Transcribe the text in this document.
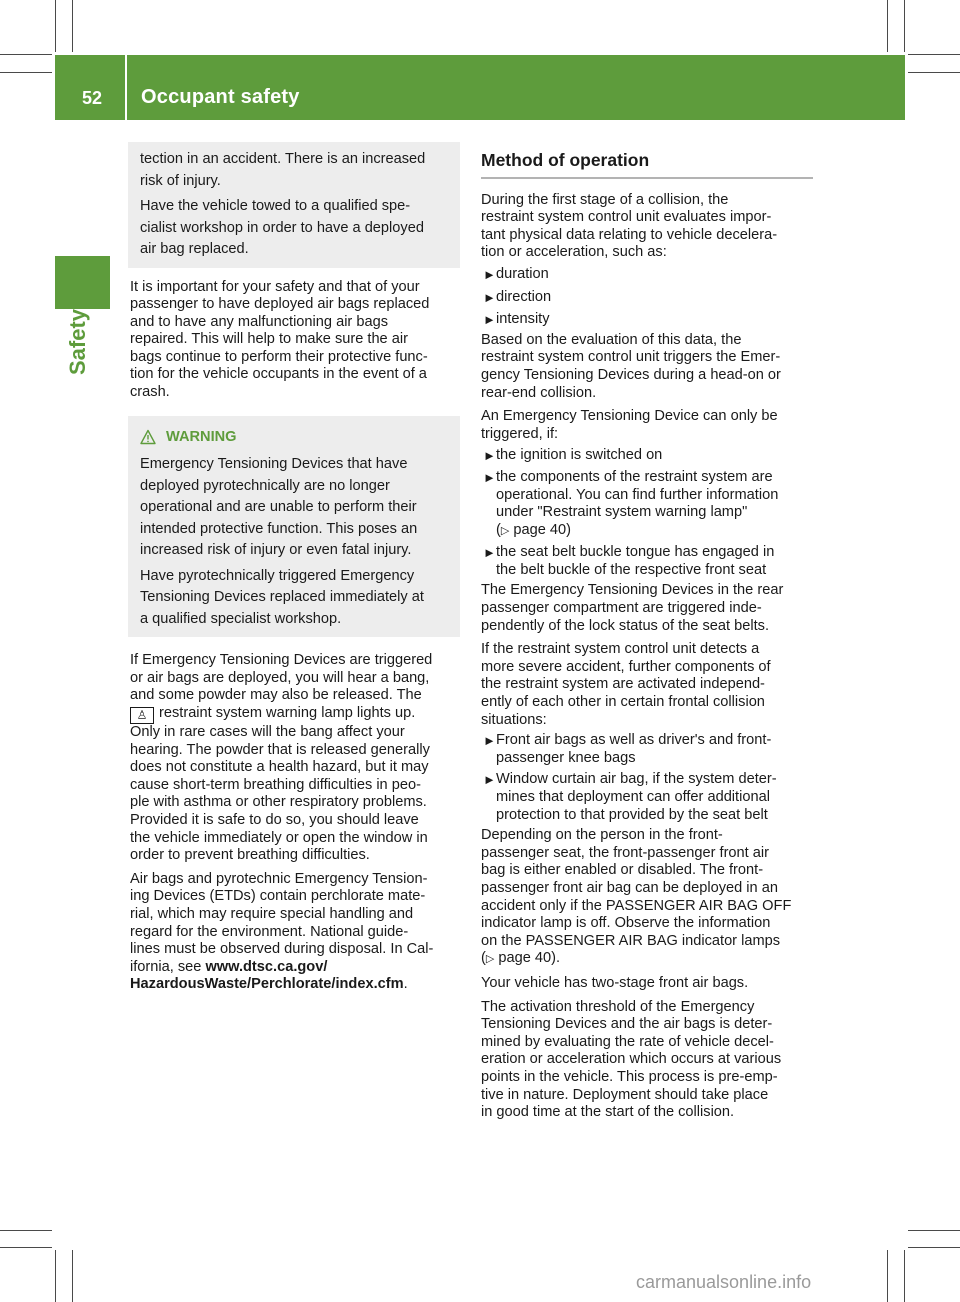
52 Occupant safety
Safety
tection in an accident. There is an increased
risk of injury.
Have the vehicle towed to a qualified spe-
cialist workshop in order to have a deployed
air bag replaced.
It is important for your safety and that of your
passenger to have deployed air bags replaced
and to have any malfunctioning air bags
repaired. This will help to make sure the air
bags continue to perform their protective func-
tion for the vehicle occupants in the event of a
crash.
WARNING
Emergency Tensioning Devices that have
deployed pyrotechnically are no longer
operational and are unable to perform their
intended protective function. This poses an
increased risk of injury or even fatal injury.
Have pyrotechnically triggered Emergency
Tensioning Devices replaced immediately at
a qualified specialist workshop.
If Emergency Tensioning Devices are triggered
or air bags are deployed, you will hear a bang,
and some powder may also be released. The
♙ restraint system warning lamp lights up.
Only in rare cases will the bang affect your
hearing. The powder that is released generally
does not constitute a health hazard, but it may
cause short-term breathing difficulties in peo-
ple with asthma or other respiratory problems.
Provided it is safe to do so, you should leave
the vehicle immediately or open the window in
order to prevent breathing difficulties.
Air bags and pyrotechnic Emergency Tension-
ing Devices (ETDs) contain perchlorate mate-
rial, which may require special handling and
regard for the environment. National guide-
lines must be observed during disposal. In Cal-
ifornia, see www.dtsc.ca.gov/
HazardousWaste/Perchlorate/index.cfm.
Method of operation
During the first stage of a collision, the
restraint system control unit evaluates impor-
tant physical data relating to vehicle decelera-
tion or acceleration, such as:
► duration
► direction
► intensity
Based on the evaluation of this data, the
restraint system control unit triggers the Emer-
gency Tensioning Devices during a head-on or
rear-end collision.
An Emergency Tensioning Device can only be
triggered, if:
► the ignition is switched on
► the components of the restraint system are
operational. You can find further information
under "Restraint system warning lamp"
(▷ page 40)
► the seat belt buckle tongue has engaged in
the belt buckle of the respective front seat
The Emergency Tensioning Devices in the rear
passenger compartment are triggered inde-
pendently of the lock status of the seat belts.
If the restraint system control unit detects a
more severe accident, further components of
the restraint system are activated independ-
ently of each other in certain frontal collision
situations:
► Front air bags as well as driver's and front-
passenger knee bags
► Window curtain air bag, if the system deter-
mines that deployment can offer additional
protection to that provided by the seat belt
Depending on the person in the front-
passenger seat, the front-passenger front air
bag is either enabled or disabled. The front-
passenger front air bag can be deployed in an
accident only if the PASSENGER AIR BAG OFF
indicator lamp is off. Observe the information
on the PASSENGER AIR BAG indicator lamps
(▷ page 40).
Your vehicle has two-stage front air bags.
The activation threshold of the Emergency
Tensioning Devices and the air bags is deter-
mined by evaluating the rate of vehicle decel-
eration or acceleration which occurs at various
points in the vehicle. This process is pre-emp-
tive in nature. Deployment should take place
in good time at the start of the collision.
carmanualsonline.info
